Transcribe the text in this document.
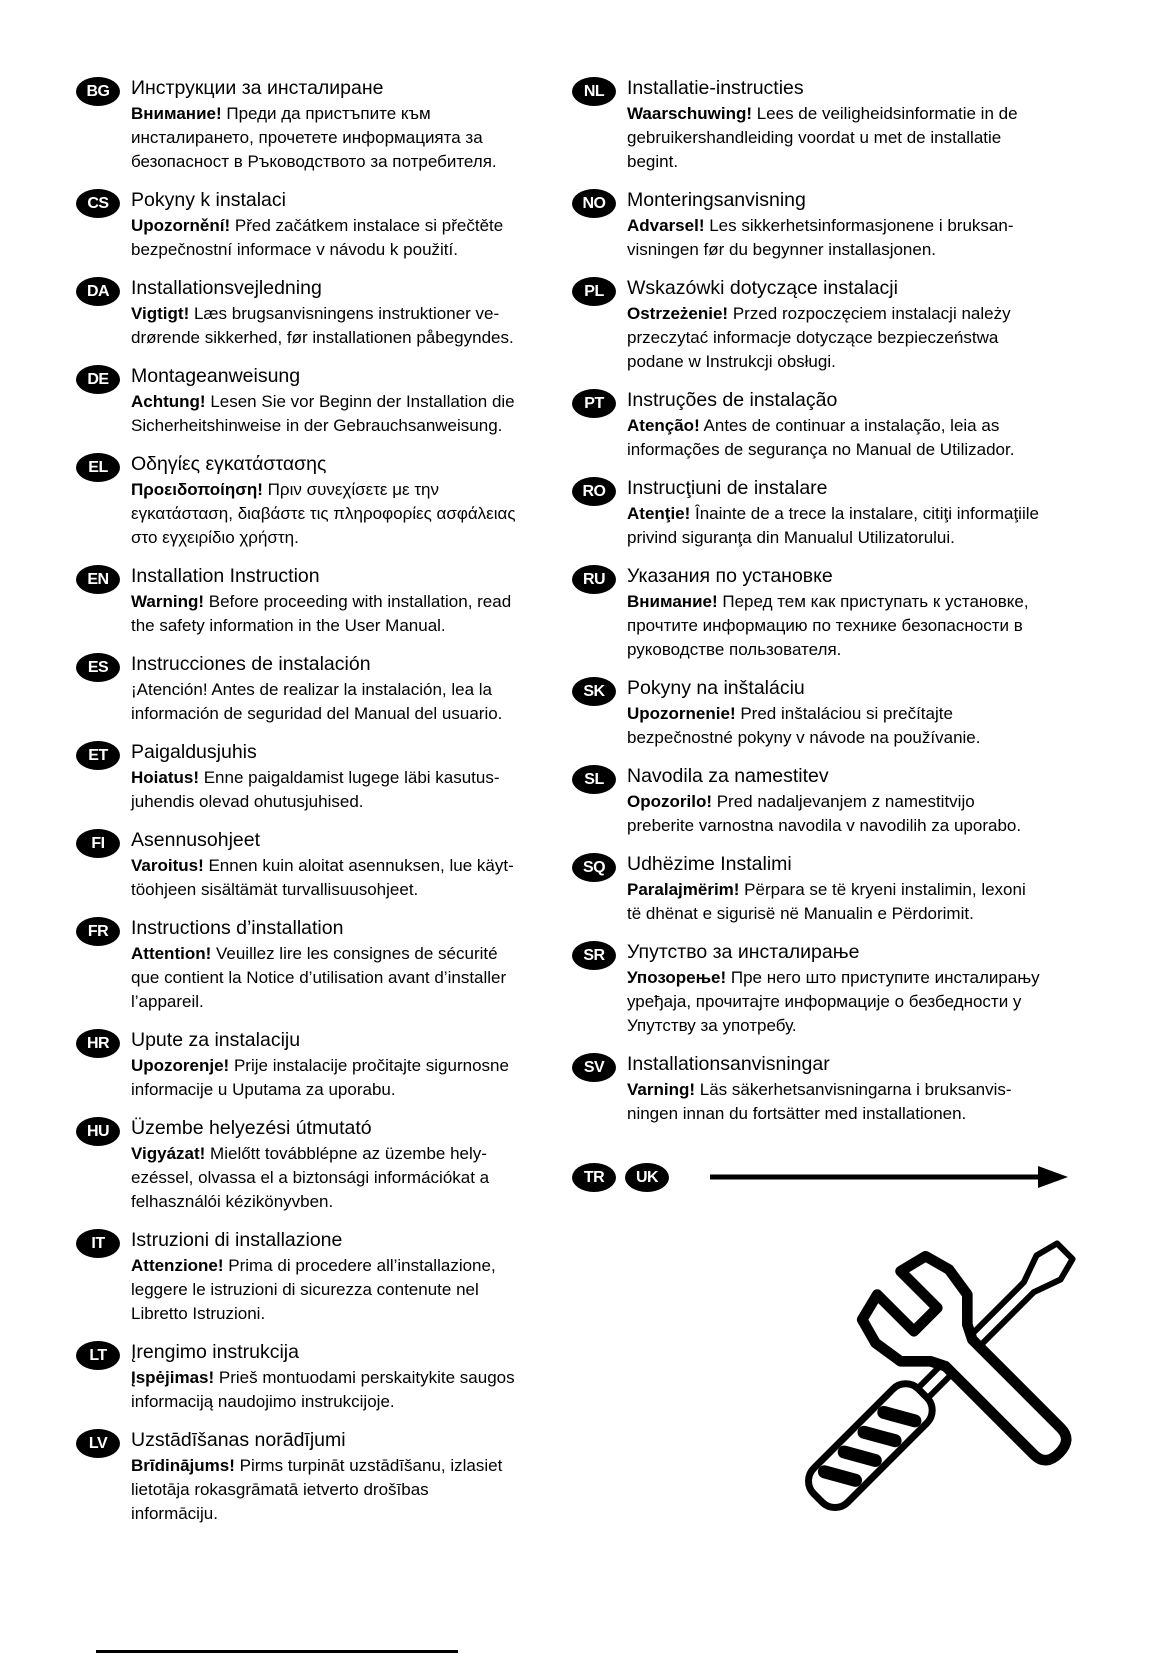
BG	Инструкции за инсталиране

Внимание! Преди да пристъпите към инсталирането, прочетете информацията за безопасност в Ръководството за потребителя.

CS	Pokyny k instalaci

Upozornění! Před začátkem instalace si přečtěte bezpečnostní informace v návodu k použití.

DA	Installationsvejledning

Vigtigt! Læs brugsanvisningens instruktioner vedrørende sikkerhed, før installationen påbegyndes.

DE	Montageanweisung

Achtung! Lesen Sie vor Beginn der Installation die Sicherheitshinweise in der Gebrauchsanweisung.

EL	Οδηγίες εγκατάστασης

Προειδοποίηση! Πριν συνεχίσετε με την εγκατάσταση, διαβάστε τις πληροφορίες ασφάλειας στο εγχειρίδιο χρήστη.

EN	Installation Instruction

Warning! Before proceeding with installation, read the safety information in the User Manual.

ES	Instrucciones de instalación

¡Atención! Antes de realizar la instalación, lea la información de seguridad del Manual del usuario.

ET	Paigaldusjuhis

Hoiatus! Enne paigaldamist lugege läbi kasutusjuhendis olevad ohutusjuhised.

FI	Asennusohjeet

Varoitus! Ennen kuin aloitat asennuksen, lue käyttöohjeen sisältämät turvallisuusohjeet.

FR	Instructions d’installation

Attention! Veuillez lire les consignes de sécurité que contient la Notice d’utilisation avant d’installer l’appareil.

HR	Upute za instalaciju

Upozorenje! Prije instalacije pročitajte sigurnosne informacije u Uputama za uporabu.

HU	Üzembe helyezési útmutató

Vigyázat! Mielőtt továbblépne az üzembe helyezéssel, olvassa el a biztonsági információkat a felhasználói kézikönyvben.

IT	Istruzioni di installazione

Attenzione! Prima di procedere all’installazione, leggere le istruzioni di sicurezza contenute nel Libretto Istruzioni.

LT	Įrengimo instrukcija

Įspėjimas! Prieš montuodami perskaitykite saugos informaciją naudojimo instrukcijoje.

LV	Uzstādīšanas norādījumi

Brīdinājums! Pirms turpināt uzstādīšanu, izlasiet lietotāja rokasgrāmatā ietverto drošības informāciju.

NL	Installatie-instructies

Waarschuwing! Lees de veiligheidsinformatie in de gebruikershandleiding voordat u met de installatie begint.

NO	Monteringsanvisning

Advarsel! Les sikkerhetsinformasjonene i bruksanvisningen før du begynner installasjonen.

PL	Wskazówki dotyczące instalacji

Ostrzeżenie! Przed rozpoczęciem instalacji należy przeczytać informacje dotyczące bezpieczeństwa podane w Instrukcji obsługi.

PT	Instruções de instalação

Atenção! Antes de continuar a instalação, leia as informações de segurança no Manual de Utilizador.

RO	Instrucţiuni de instalare

Atenţie! Înainte de a trece la instalare, citiţi informaţiile privind siguranţa din Manualul Utilizatorului.

RU	Указания по установке

Внимание! Перед тем как приступать к установке, прочтите информацию по технике безопасности в руководстве пользователя.

SK	Pokyny na inštaláciu

Upozornenie! Pred inštaláciou si prečítajte bezpečnostné pokyny v návode na používanie.

SL	Navodila za namestitev

Opozorilo! Pred nadaljevanjem z namestitvijo preberite varnostna navodila v navodilih za uporabo.

SQ	Udhëzime Instalimi

Paralajmërim! Përpara se të kryeni instalimin, lexoni të dhënat e sigurisë në Manualin e Përdorimit.

SR	Упутство за инсталирање

Упозорење! Пре него што приступите инсталирању уређаја, прочитајте информације о безбедности у Упутству за употребу.

SV	Installationsanvisningar

Varning! Läs säkerhetsanvisningarna i bruksanvisningen innan du fortsätter med installationen.

TR	UK
